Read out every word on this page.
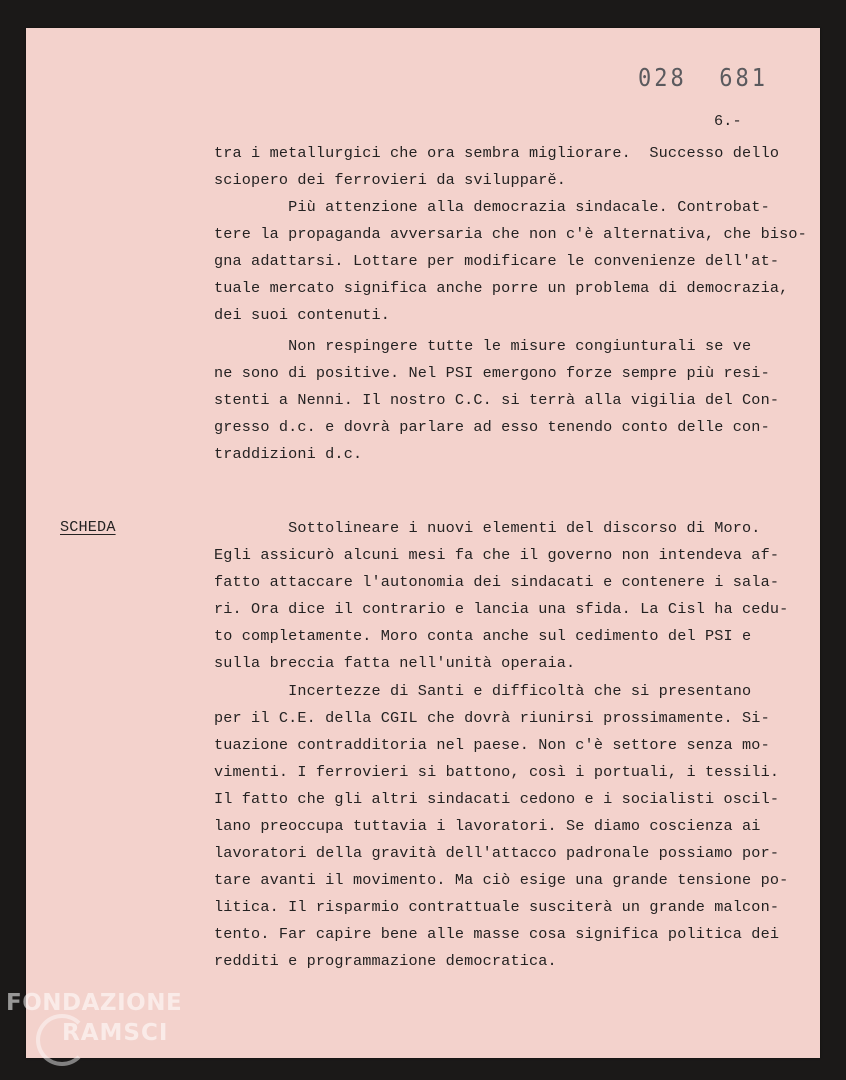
028  681
6.-
SCHEDA
tra i metallurgici che ora sembra migliorare.  Successo dello
sciopero dei ferrovieri da svilupparĕ.
Più attenzione alla democrazia sindacale. Controbat-
tere la propaganda avversaria che non c'è alternativa, che biso-
gna adattarsi. Lottare per modificare le convenienze dell'at-
tuale mercato significa anche porre un problema di democrazia,
dei suoi contenuti.
Non respingere tutte le misure congiunturali se ve
ne sono di positive. Nel PSI emergono forze sempre più resi-
stenti a Nenni. Il nostro C.C. si terrà alla vigilia del Con-
gresso d.c. e dovrà parlare ad esso tenendo conto delle con-
traddizioni d.c.
Sottolineare i nuovi elementi del discorso di Moro.
Egli assicurò alcuni mesi fa che il governo non intendeva af-
fatto attaccare l'autonomia dei sindacati e contenere i sala-
ri. Ora dice il contrario e lancia una sfida. La Cisl ha cedu-
to completamente. Moro conta anche sul cedimento del PSI e
sulla breccia fatta nell'unità operaia.
Incertezze di Santi e difficoltà che si presentano
per il C.E. della CGIL che dovrà riunirsi prossimamente. Si-
tuazione contradditoria nel paese. Non c'è settore senza mo-
vimenti. I ferrovieri si battono, così i portuali, i tessili.
Il fatto che gli altri sindacati cedono e i socialisti oscil-
lano preoccupa tuttavia i lavoratori. Se diamo coscienza ai
lavoratori della gravità dell'attacco padronale possiamo por-
tare avanti il movimento. Ma ciò esige una grande tensione po-
litica. Il risparmio contrattuale susciterà un grande malcon-
tento. Far capire bene alle masse cosa significa politica dei
redditi e programmazione democratica.
FONDAZIONE
RAMSCI
